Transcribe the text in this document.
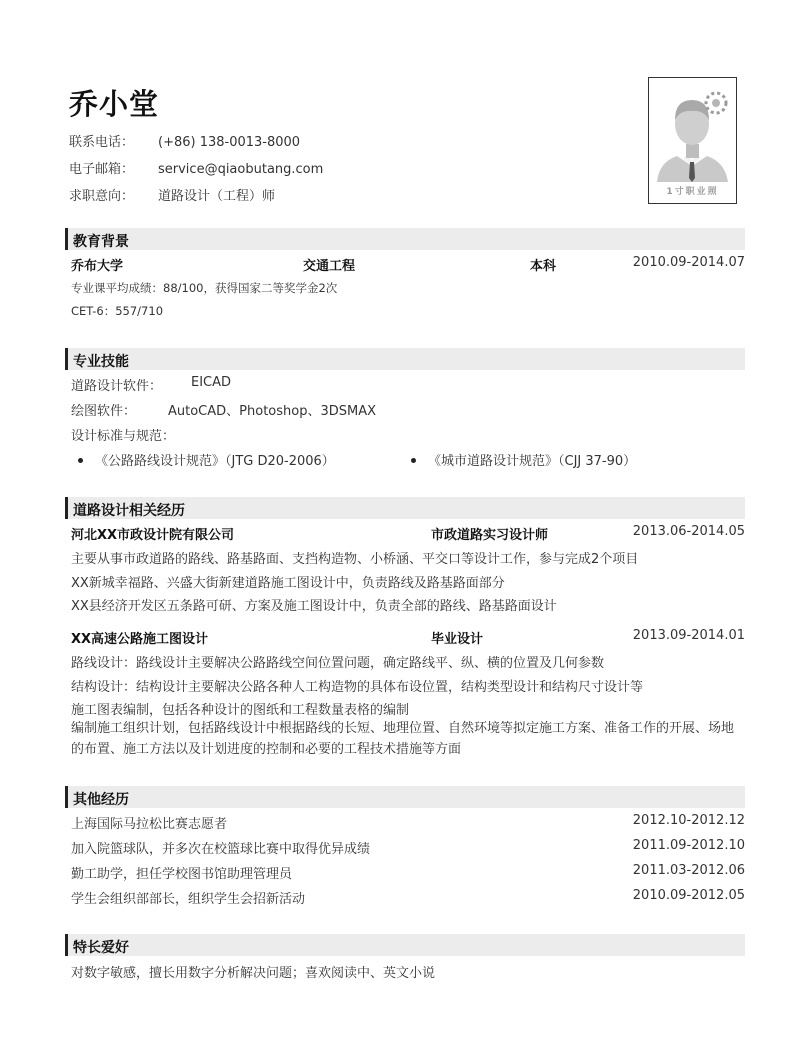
乔小堂
联系电话： (+86) 138-0013-8000
电子邮箱： service@qiaobutang.com
求职意向： 道路设计（工程）师	1寸职业照
教育背景
乔布大学	交通工程	本科	2010.09-2014.07
专业课平均成绩：88/100，获得国家二等奖学金2次
CET-6：557/710
专业技能
道路设计软件： EICAD
绘图软件： AutoCAD、Photoshop、3DSMAX
设计标准与规范：
《公路路线设计规范》（JTG D20-2006）	《城市道路设计规范》（CJJ 37-90）
道路设计相关经历
河北XX市政设计院有限公司	市政道路实习设计师	2013.06-2014.05
主要从事市政道路的路线、路基路面、支挡构造物、小桥涵、平交口等设计工作，参与完成2个项目
XX新城幸福路、兴盛大街新建道路施工图设计中，负责路线及路基路面部分
XX县经济开发区五条路可研、方案及施工图设计中，负责全部的路线、路基路面设计
XX高速公路施工图设计	毕业设计	2013.09-2014.01
路线设计：路线设计主要解决公路路线空间位置问题，确定路线平、纵、横的位置及几何参数
结构设计：结构设计主要解决公路各种人工构造物的具体布设位置，结构类型设计和结构尺寸设计等
施工图表编制，包括各种设计的图纸和工程数量表格的编制
编制施工组织计划，包括路线设计中根据路线的长短、地理位置、自然环境等拟定施工方案、准备工作的开展、场地的布置、施工方法以及计划进度的控制和必要的工程技术措施等方面
其他经历
上海国际马拉松比赛志愿者	2012.10-2012.12
加入院篮球队，并多次在校篮球比赛中取得优异成绩	2011.09-2012.10
勤工助学，担任学校图书馆助理管理员	2011.03-2012.06
学生会组织部部长，组织学生会招新活动	2010.09-2012.05
特长爱好
对数字敏感，擅长用数字分析解决问题；喜欢阅读中、英文小说
